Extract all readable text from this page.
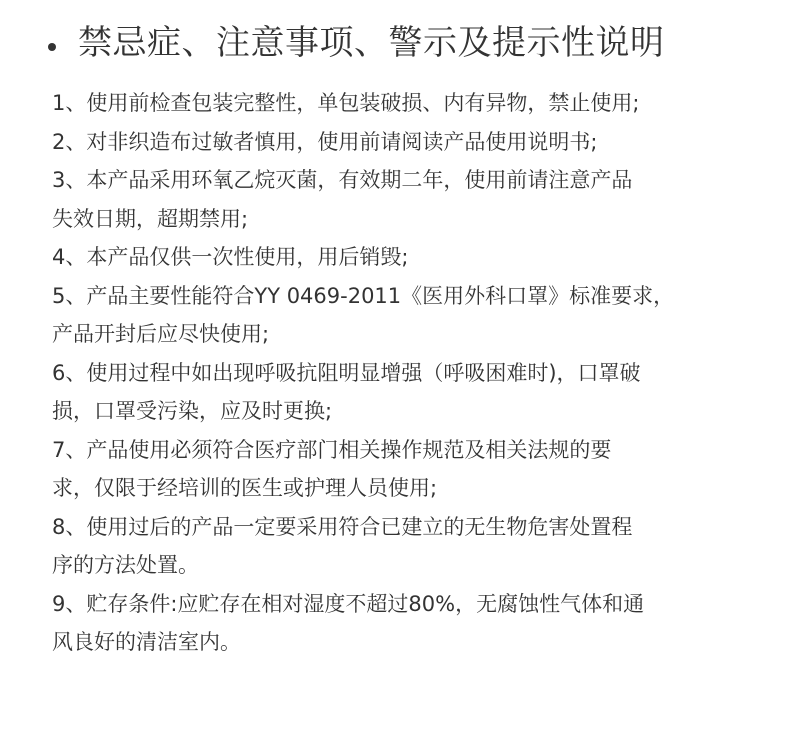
禁忌症、注意事项、警示及提示性说明
1、使用前检查包装完整性，单包装破损、内有异物，禁止使用;
2、对非织造布过敏者慎用，使用前请阅读产品使用说明书;
3、本产品采用环氧乙烷灭菌，有效期二年，使用前请注意产品
失效日期，超期禁用;
4、本产品仅供一次性使用，用后销毁;
5、产品主要性能符合YY 0469-2011《医用外科口罩》标准要求，
产品开封后应尽快使用;
6、使用过程中如出现呼吸抗阻明显增强（呼吸困难时)，口罩破
损，口罩受污染，应及时更换;
7、产品使用必须符合医疗部门相关操作规范及相关法规的要
求，仅限于经培训的医生或护理人员使用;
8、使用过后的产品一定要采用符合已建立的无生物危害处置程
序的方法处置。
9、贮存条件:应贮存在相对湿度不超过80%，无腐蚀性气体和通
风良好的清洁室内。
